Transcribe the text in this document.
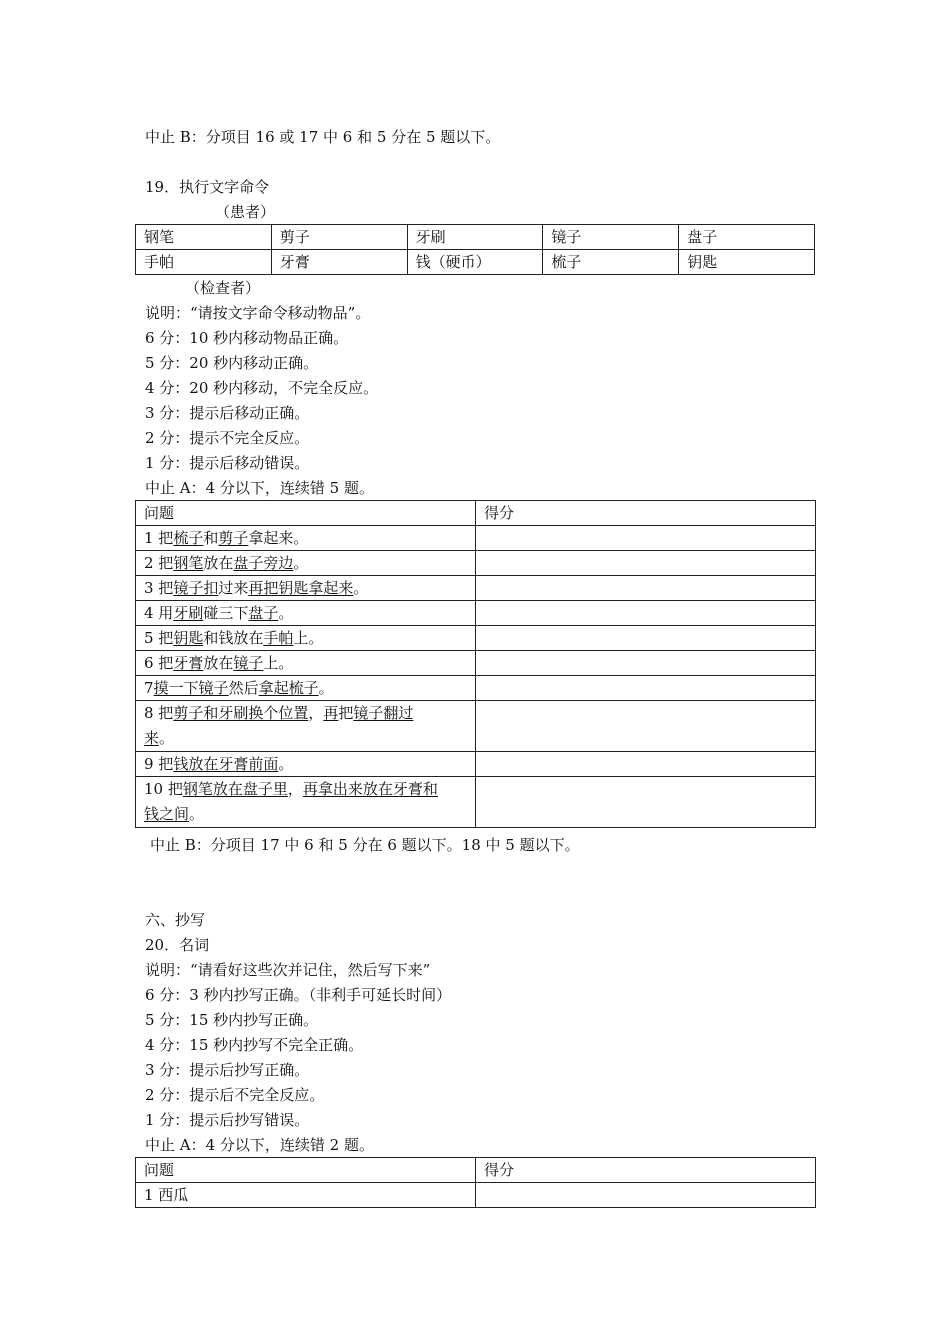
中止 B：分项目 16 或 17 中 6 和 5 分在 5 题以下。
19．执行文字命令
（患者）
钢笔	剪子	牙刷	镜子	盘子
手帕	牙膏	钱（硬币）	梳子	钥匙
（检查者）
说明：“请按文字命令移动物品”。
6 分：10 秒内移动物品正确。
5 分：20 秒内移动正确。
4 分：20 秒内移动，不完全反应。
3 分：提示后移动正确。
2 分：提示不完全反应。
1 分：提示后移动错误。
中止 A：4 分以下，连续错 5 题。
问题	得分
1 把梳子和剪子拿起来。	
2 把钢笔放在盘子旁边。	
3 把镜子扣过来再把钥匙拿起来。	
4 用牙刷碰三下盘子。	
5 把钥匙和钱放在手帕上。	
6 把牙膏放在镜子上。	
7摸一下镜子然后拿起梳子。	
8 把剪子和牙刷换个位置，再把镜子翻过
来。	
9 把钱放在牙膏前面。	
10 把钢笔放在盘子里，再拿出来放在牙膏和
钱之间。	
中止 B：分项目 17 中 6 和 5 分在 6 题以下。18 中 5 题以下。
六、抄写
20．名词
说明：“请看好这些次并记住，然后写下来”
6 分：3 秒内抄写正确。（非利手可延长时间）
5 分：15 秒内抄写正确。
4 分：15 秒内抄写不完全正确。
3 分：提示后抄写正确。
2 分：提示后不完全反应。
1 分：提示后抄写错误。
中止 A：4 分以下，连续错 2 题。
问题	得分
1 西瓜	
